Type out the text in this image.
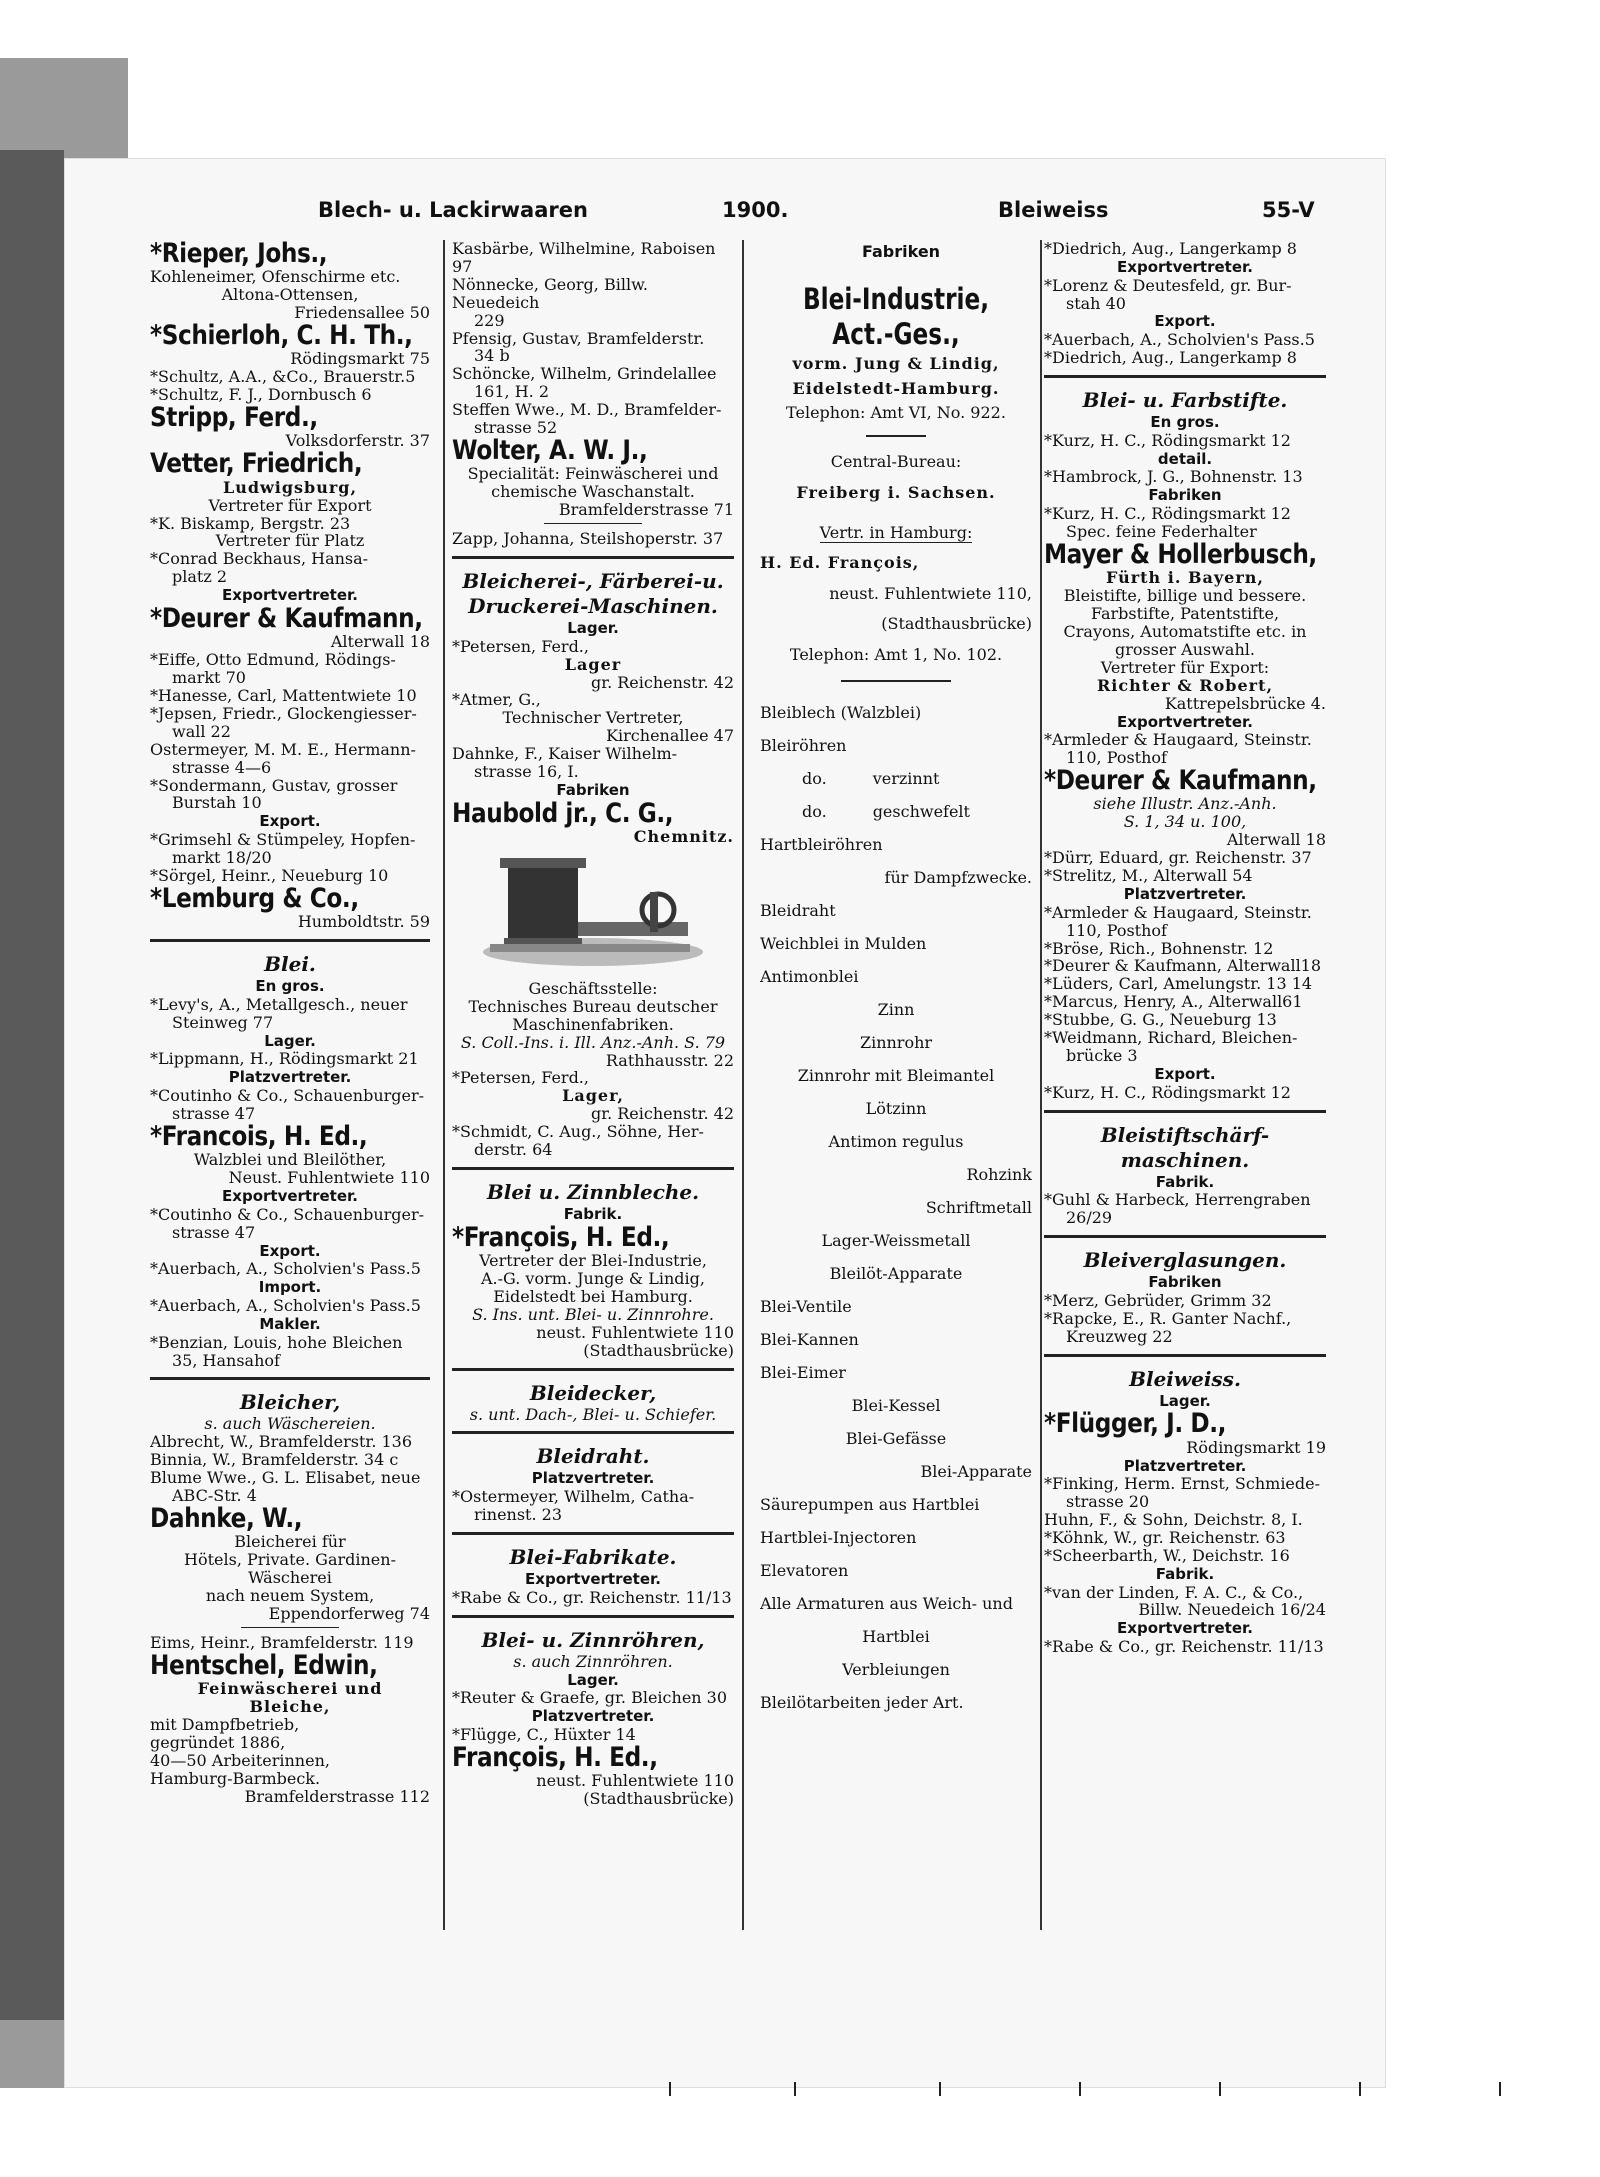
Blech- u. Lackirwaaren	1900.
Fabriken
Bleiweiss	55-V
*Rieper, Johs.,
Kohleneimer, Ofenschirme etc.
Altona-Ottensen,
Friedensallee 50
*Schierloh, C. H. Th.,
Rödingsmarkt 75
*Schultz, A.A., &Co., Brauerstr.5
*Schultz, F. J., Dornbusch 6
Stripp, Ferd.,
Volksdorferstr. 37
Vetter, Friedrich,
Ludwigsburg,
Vertreter für Export
*K. Biskamp, Bergstr. 23
Vertreter für Platz
*Conrad Beckhaus, Hansa-
platz 2
Exportvertreter.
*Deurer & Kaufmann,
Alterwall 18
*Eiffe, Otto Edmund, Rödings-
markt 70
*Hanesse, Carl, Mattentwiete 10
*Jepsen, Friedr., Glockengiesser-
wall 22
Ostermeyer, M. M. E., Hermann-
strasse 4—6
*Sondermann, Gustav, grosser
Burstah 10
Export.
*Grimsehl & Stümpeley, Hopfen-
markt 18/20
*Sörgel, Heinr., Neueburg 10
*Lemburg & Co.,
Humboldtstr. 59
Blei.
En gros.
*Levy's, A., Metallgesch., neuer
Steinweg 77
Lager.
*Lippmann, H., Rödingsmarkt 21
Platzvertreter.
*Coutinho & Co., Schauenburger-
strasse 47
*Francois, H. Ed.,
Walzblei und Bleilöther,
Neust. Fuhlentwiete 110
Exportvertreter.
*Coutinho & Co., Schauenburger-
strasse 47
Export.
*Auerbach, A., Scholvien's Pass.5
Import.
*Auerbach, A., Scholvien's Pass.5
Makler.
*Benzian, Louis, hohe Bleichen
35, Hansahof
Bleicher,
s. auch Wäschereien.
Albrecht, W., Bramfelderstr. 136
Binnia, W., Bramfelderstr. 34 c
Blume Wwe., G. L. Elisabet, neue
ABC-Str. 4
Dahnke, W.,
Bleicherei für
Hötels, Private. Gardinen-
Wäscherei
nach neuem System,
Eppendorferweg 74
Eims, Heinr., Bramfelderstr. 119
Hentschel, Edwin,
Feinwäscherei und
Bleiche,
mit Dampfbetrieb,
gegründet 1886,
40—50 Arbeiterinnen,
Hamburg-Barmbeck.
Bramfelderstrasse 112
Kasbärbe, Wilhelmine, Raboisen 97
Nönnecke, Georg, Billw. Neuedeich
229
Pfensig, Gustav, Bramfelderstr.
34 b
Schöncke, Wilhelm, Grindelallee
161, H. 2
Steffen Wwe., M. D., Bramfelder-
strasse 52
Wolter, A. W. J.,
Specialität: Feinwäscherei und
chemische Waschanstalt.
Bramfelderstrasse 71
Zapp, Johanna, Steilshoperstr. 37
Bleicherei-, Färberei-u.
Druckerei-Maschinen.
Lager.
*Petersen, Ferd.,
Lager
gr. Reichenstr. 42
*Atmer, G.,
Technischer Vertreter,
Kirchenallee 47
Dahnke, F., Kaiser Wilhelm-
strasse 16, I.
Fabriken
Haubold jr., C. G.,
Chemnitz.
Geschäftsstelle:
Technisches Bureau deutscher
Maschinenfabriken.
S. Coll.-Ins. i. Ill. Anz.-Anh. S. 79
Rathhausstr. 22
*Petersen, Ferd.,
Lager,
gr. Reichenstr. 42
*Schmidt, C. Aug., Söhne, Her-
derstr. 64
Blei u. Zinnbleche.
Fabrik.
*François, H. Ed.,
Vertreter der Blei-Industrie,
A.-G. vorm. Junge & Lindig,
Eidelstedt bei Hamburg.
S. Ins. unt. Blei- u. Zinnrohre.
neust. Fuhlentwiete 110
(Stadthausbrücke)
Bleidecker,
s. unt. Dach-, Blei- u. Schiefer.
Bleidraht.
Platzvertreter.
*Ostermeyer, Wilhelm, Catha-
rinenst. 23
Blei-Fabrikate.
Exportvertreter.
*Rabe & Co., gr. Reichenstr. 11/13
Blei- u. Zinnröhren,
s. auch Zinnröhren.
Lager.
*Reuter & Graefe, gr. Bleichen 30
Platzvertreter.
*Flügge, C., Hüxter 14
François, H. Ed.,
neust. Fuhlentwiete 110
(Stadthausbrücke)
Blei-Industrie,
Act.-Ges.,
vorm. Jung & Lindig,
Eidelstedt-Hamburg.
Telephon: Amt VI, No. 922.
Central-Bureau:
Freiberg i. Sachsen.
Vertr. in Hamburg:
H. Ed. François,
neust. Fuhlentwiete 110,
(Stadthausbrücke)
Telephon: Amt 1, No. 102.
Bleiblech (Walzblei)
Bleiröhren
do.	verzinnt
do.	geschwefelt
Hartbleiröhren
für Dampfzwecke.
Bleidraht
Weichblei in Mulden
Antimonblei
Zinn
Zinnrohr
Zinnrohr mit Bleimantel
Lötzinn
Antimon regulus
Rohzink
Schriftmetall
Lager-Weissmetall
Bleilöt-Apparate
Blei-Ventile
Blei-Kannen
Blei-Eimer
Blei-Kessel
Blei-Gefässe
Blei-Apparate
Säurepumpen aus Hartblei
Hartblei-Injectoren
Elevatoren
Alle Armaturen aus Weich- und
Hartblei
Verbleiungen
Bleilötarbeiten jeder Art.
*Diedrich, Aug., Langerkamp 8
Exportvertreter.
*Lorenz & Deutesfeld, gr. Bur-
stah 40
Export.
*Auerbach, A., Scholvien's Pass.5
*Diedrich, Aug., Langerkamp 8
Blei- u. Farbstifte.
En gros.
*Kurz, H. C., Rödingsmarkt 12
detail.
*Hambrock, J. G., Bohnenstr. 13
Fabriken
*Kurz, H. C., Rödingsmarkt 12
Spec. feine Federhalter
Mayer & Hollerbusch,
Fürth i. Bayern,
Bleistifte, billige und bessere.
Farbstifte, Patentstifte,
Crayons, Automatstifte etc. in
grosser Auswahl.
Vertreter für Export:
Richter & Robert,
Kattrepelsbrücke 4.
Exportvertreter.
*Armleder & Haugaard, Steinstr.
110, Posthof
*Deurer & Kaufmann,
siehe Illustr. Anz.-Anh.
S. 1, 34 u. 100,
Alterwall 18
*Dürr, Eduard, gr. Reichenstr. 37
*Strelitz, M., Alterwall 54
Platzvertreter.
*Armleder & Haugaard, Steinstr.
110, Posthof
*Bröse, Rich., Bohnenstr. 12
*Deurer & Kaufmann, Alterwall18
*Lüders, Carl, Amelungstr. 13 14
*Marcus, Henry, A., Alterwall61
*Stubbe, G. G., Neueburg 13
*Weidmann, Richard, Bleichen-
brücke 3
Export.
*Kurz, H. C., Rödingsmarkt 12
Bleistiftschärf-
maschinen.
Fabrik.
*Guhl & Harbeck, Herrengraben
26/29
Bleiverglasungen.
Fabriken
*Merz, Gebrüder, Grimm 32
*Rapcke, E., R. Ganter Nachf.,
Kreuzweg 22
Bleiweiss.
Lager.
*Flügger, J. D.,
Rödingsmarkt 19
Platzvertreter.
*Finking, Herm. Ernst, Schmiede-
strasse 20
Huhn, F., & Sohn, Deichstr. 8, I.
*Köhnk, W., gr. Reichenstr. 63
*Scheerbarth, W., Deichstr. 16
Fabrik.
*van der Linden, F. A. C., & Co.,
Billw. Neuedeich 16/24
Exportvertreter.
*Rabe & Co., gr. Reichenstr. 11/13
